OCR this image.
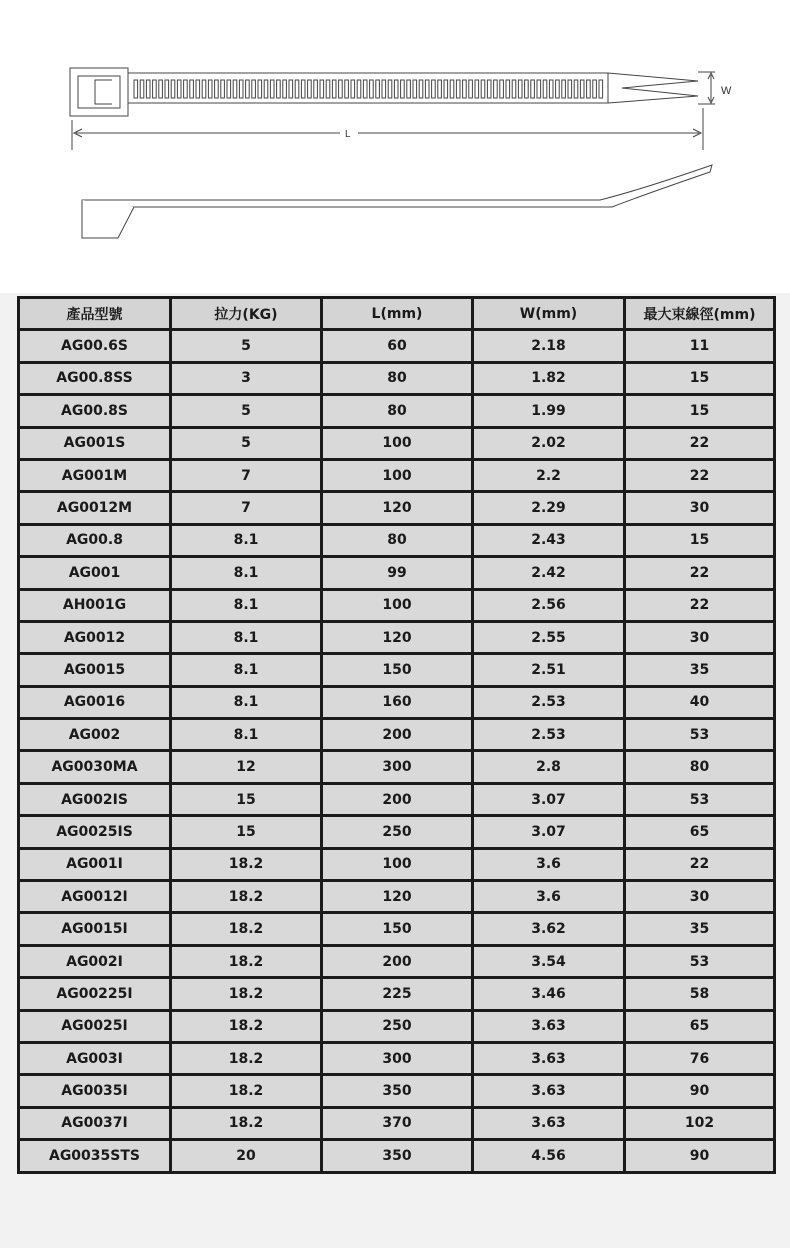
W
L
產品型號	拉力(KG)	L(mm)	W(mm)	最大束線徑(mm)
AG00.6S	5	60	2.18	11
AG00.8SS	3	80	1.82	15
AG00.8S	5	80	1.99	15
AG001S	5	100	2.02	22
AG001M	7	100	2.2	22
AG0012M	7	120	2.29	30
AG00.8	8.1	80	2.43	15
AG001	8.1	99	2.42	22
AH001G	8.1	100	2.56	22
AG0012	8.1	120	2.55	30
AG0015	8.1	150	2.51	35
AG0016	8.1	160	2.53	40
AG002	8.1	200	2.53	53
AG0030MA	12	300	2.8	80
AG002IS	15	200	3.07	53
AG0025IS	15	250	3.07	65
AG001I	18.2	100	3.6	22
AG0012I	18.2	120	3.6	30
AG0015I	18.2	150	3.62	35
AG002I	18.2	200	3.54	53
AG00225I	18.2	225	3.46	58
AG0025I	18.2	250	3.63	65
AG003I	18.2	300	3.63	76
AG0035I	18.2	350	3.63	90
AG0037I	18.2	370	3.63	102
AG0035STS	20	350	4.56	90
